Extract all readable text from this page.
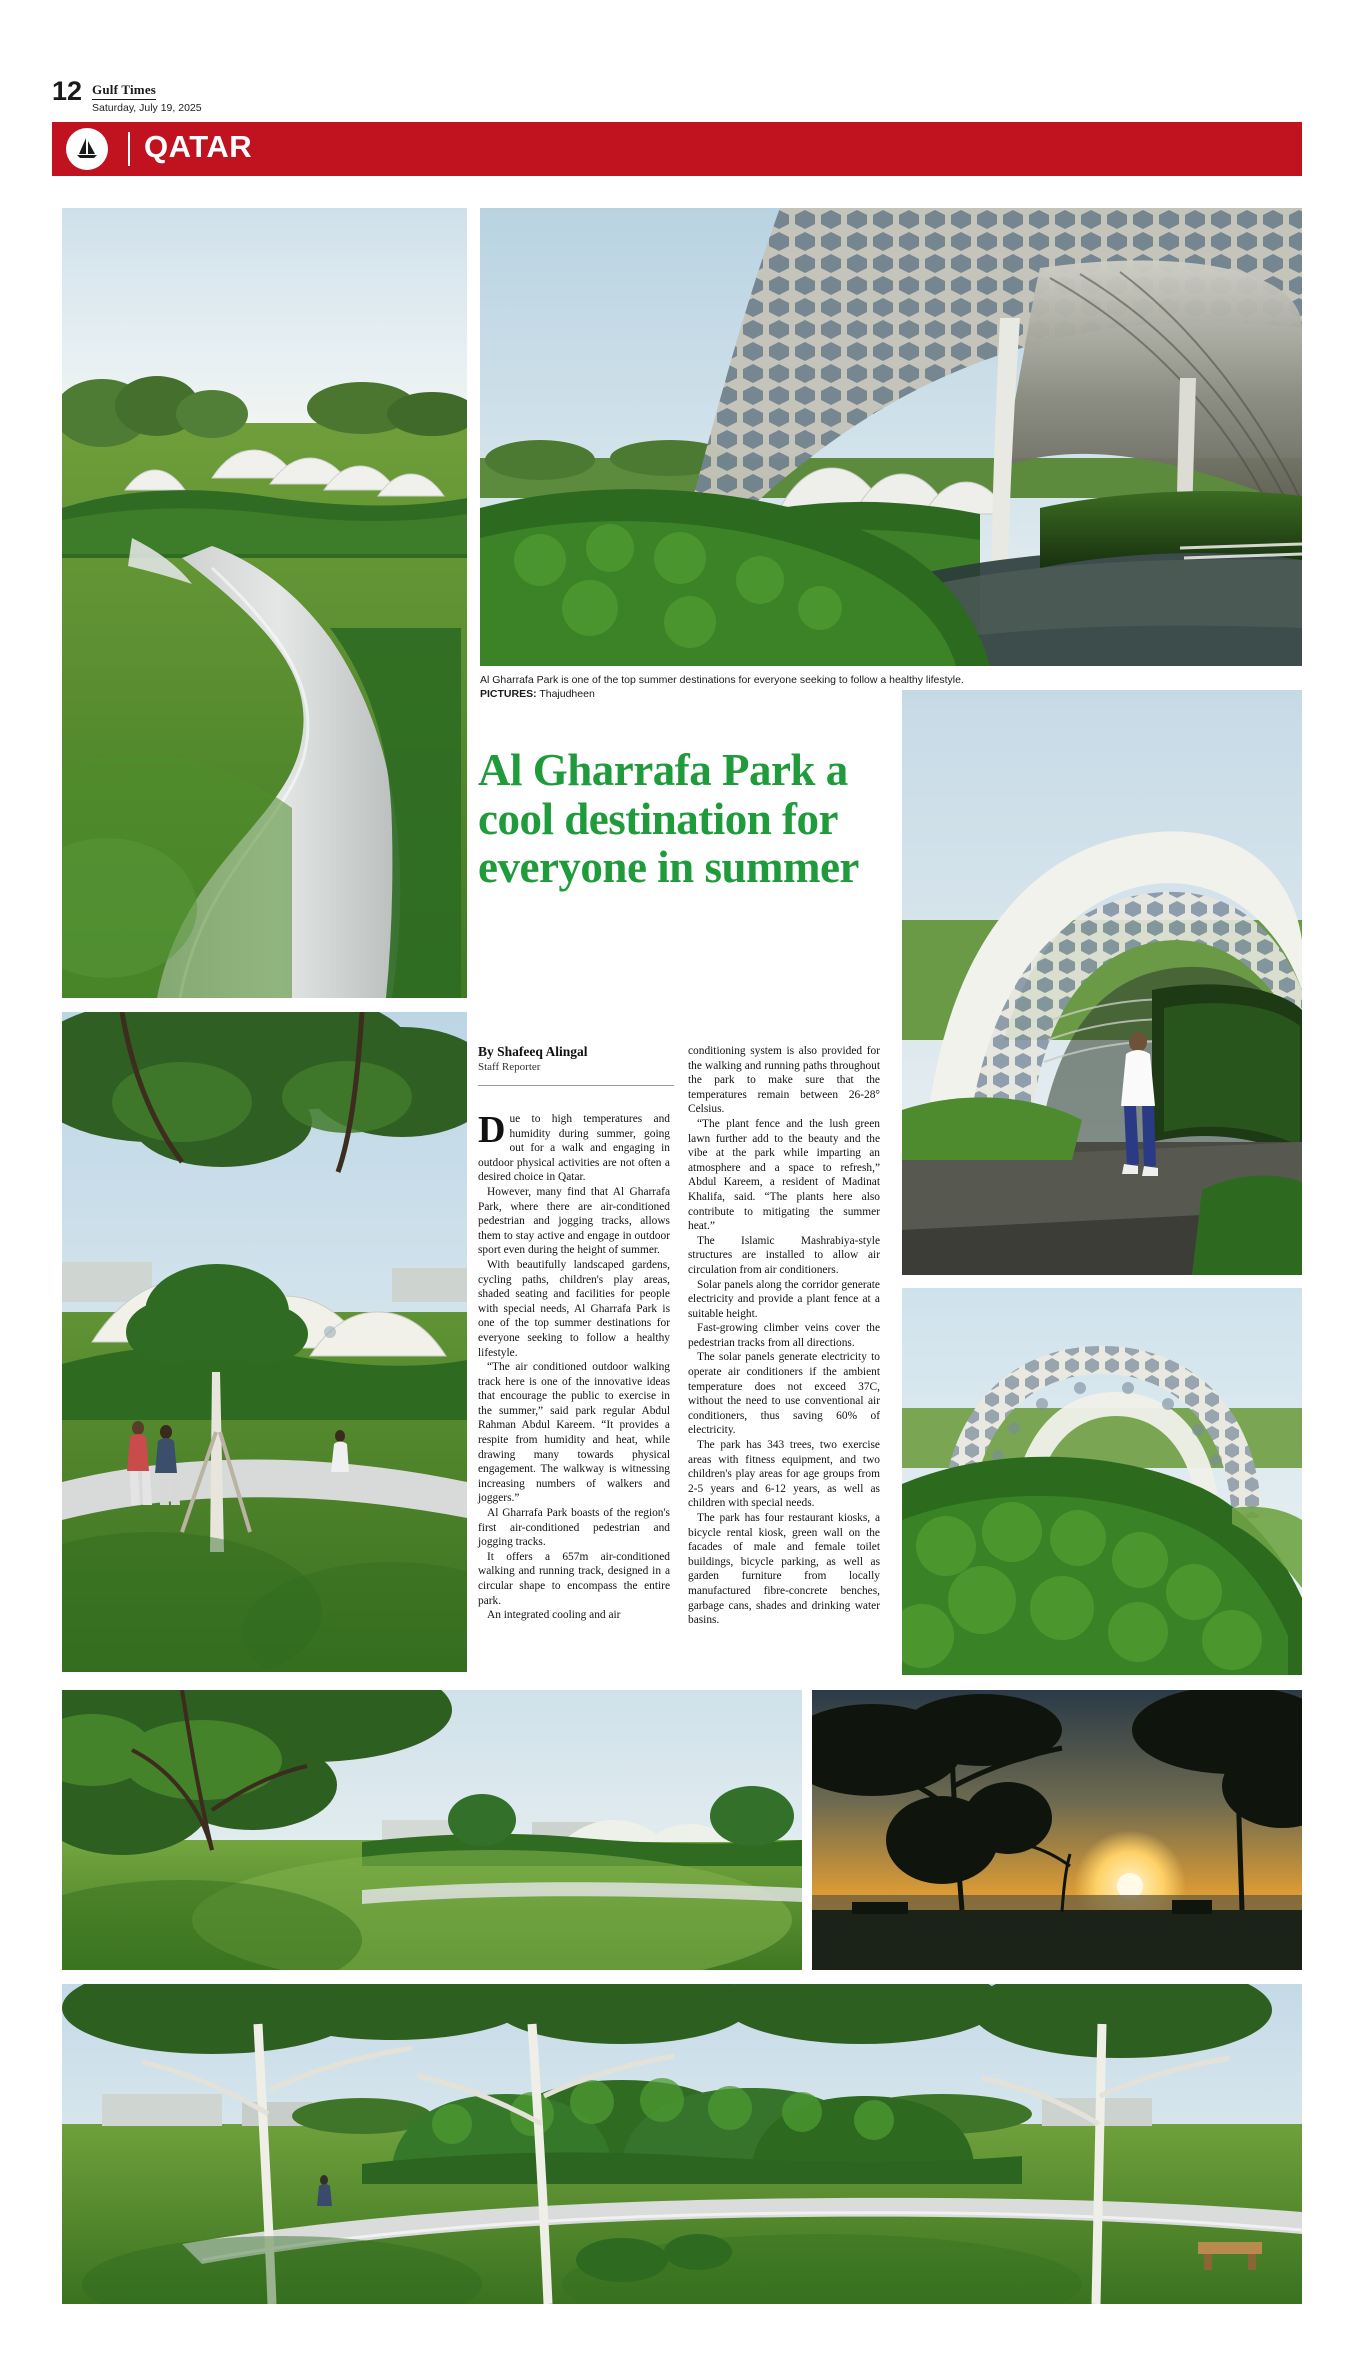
12 Gulf Times
Saturday, July 19, 2025
QATAR
Al Gharrafa Park is one of the top summer destinations for everyone seeking to follow a healthy lifestyle. PICTURES: Thajudheen
Al Gharrafa Park a cool destination for everyone in summer
By Shafeeq Alingal
Staff Reporter

Due to high temperatures and humidity during summer, going out for a walk and engaging in outdoor physical activities are not often a desired choice in Qatar.

However, many find that Al Gharrafa Park, where there are air-conditioned pedestrian and jogging tracks, allows them to stay active and engage in outdoor sport even during the height of summer.

With beautifully landscaped gardens, cycling paths, children's play areas, shaded seating and facilities for people with special needs, Al Gharrafa Park is one of the top summer destinations for everyone seeking to follow a healthy lifestyle.

“The air conditioned outdoor walking track here is one of the innovative ideas that encourage the public to exercise in the summer,” said park regular Abdul Rahman Abdul Kareem. “It provides a respite from humidity and heat, while drawing many towards physical engagement. The walkway is witnessing increasing numbers of walkers and joggers.”

Al Gharrafa Park boasts of the region's first air-conditioned pedestrian and jogging tracks.

It offers a 657m air-conditioned walking and running track, designed in a circular shape to encompass the entire park.

An integrated cooling and air

conditioning system is also provided for the walking and running paths throughout the park to make sure that the temperatures remain between 26-28° Celsius.

“The plant fence and the lush green lawn further add to the beauty and the vibe at the park while imparting an atmosphere and a space to refresh,” Abdul Kareem, a resident of Madinat Khalifa, said. “The plants here also contribute to mitigating the summer heat.”

The Islamic Mashrabiya-style structures are installed to allow air circulation from air conditioners.

Solar panels along the corridor generate electricity and provide a plant fence at a suitable height.

Fast-growing climber veins cover the pedestrian tracks from all directions.

The solar panels generate electricity to operate air conditioners if the ambient temperature does not exceed 37C, without the need to use conventional air conditioners, thus saving 60% of electricity.

The park has 343 trees, two exercise areas with fitness equipment, and two children's play areas for age groups from 2-5 years and 6-12 years, as well as children with special needs.

The park has four restaurant kiosks, a bicycle rental kiosk, green wall on the facades of male and female toilet buildings, bicycle parking, as well as garden furniture from locally manufactured fibre-concrete benches, garbage cans, shades and drinking water basins.
